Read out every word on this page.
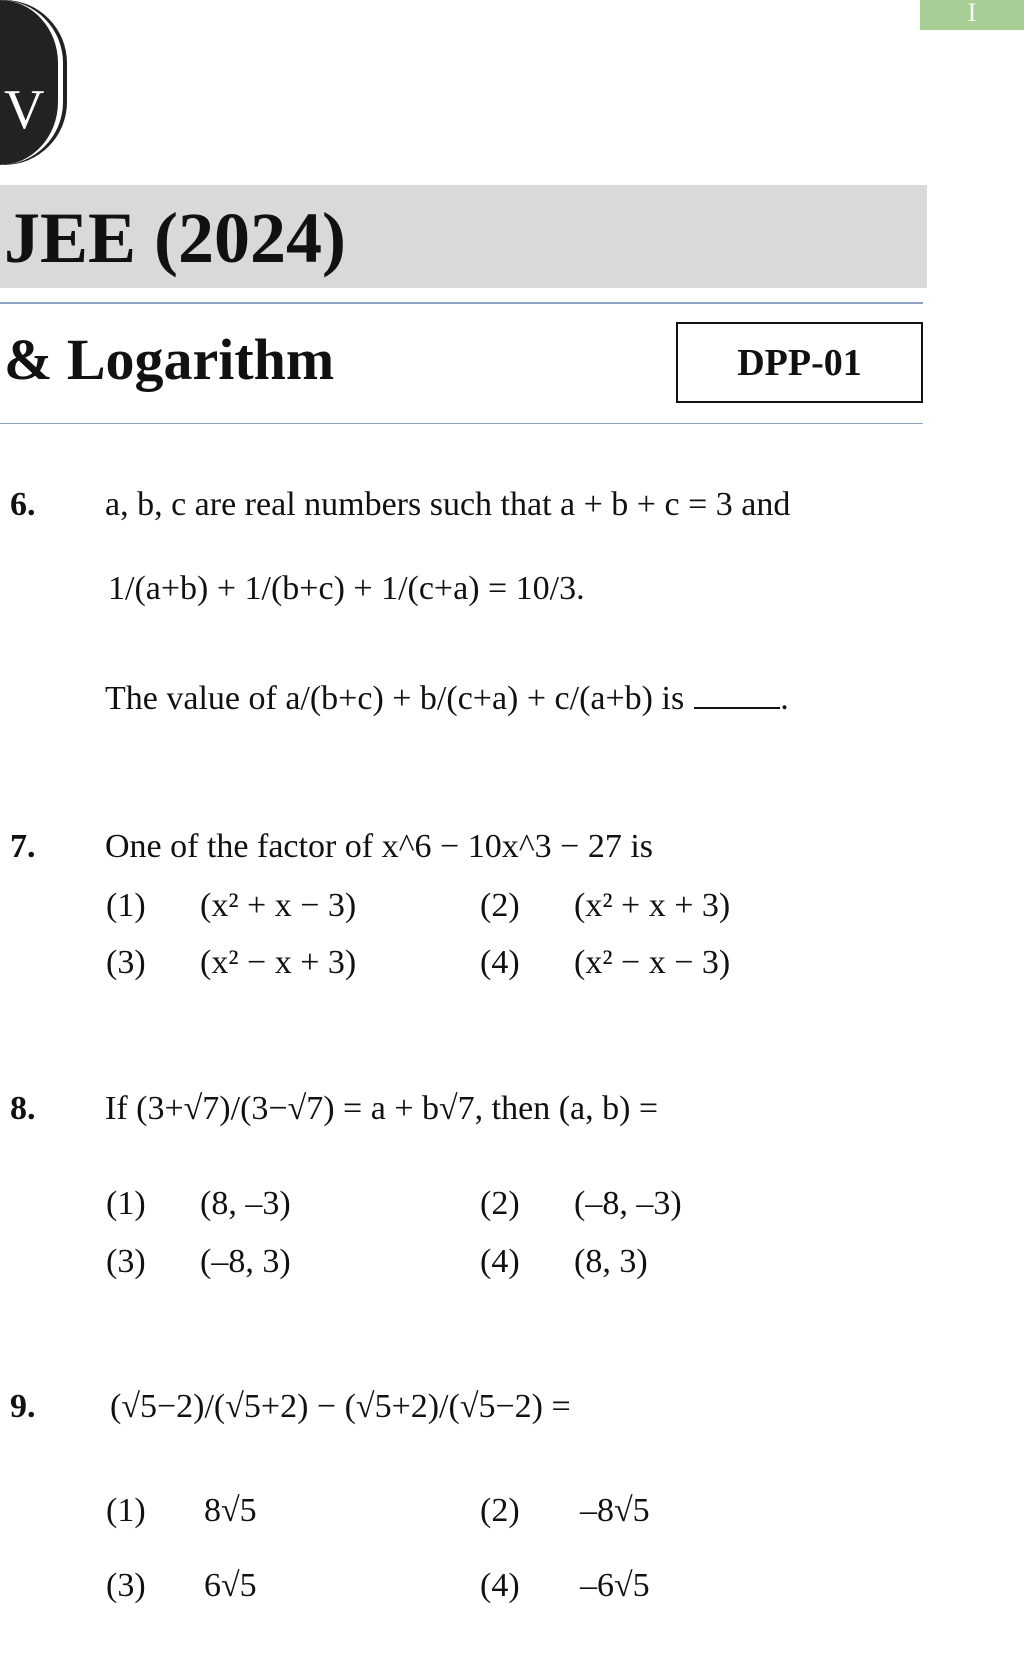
V
I
JEE (2024)
& Logarithm	DPP-01
6. a, b, c are real numbers such that a + b + c = 3 and
1/(a+b) + 1/(b+c) + 1/(c+a) = 10/3.
The value of a/(b+c) + b/(c+a) + c/(a+b) is	.
7. One of the factor of x^6 − 10x^3 − 27 is
(1) (x² + x − 3)	(2) (x² + x + 3)
(3) (x² − x + 3)	(4) (x² − x − 3)
8. If (3+√7)/(3−√7) = a + b√7, then (a, b) =
(1) (8, –3)	(2) (–8, –3)
(3) (–8, 3)	(4) (8, 3)
9. (√5−2)/(√5+2) − (√5+2)/(√5−2) =
(1) 8√5	(2) –8√5
(3) 6√5	(4) –6√5
